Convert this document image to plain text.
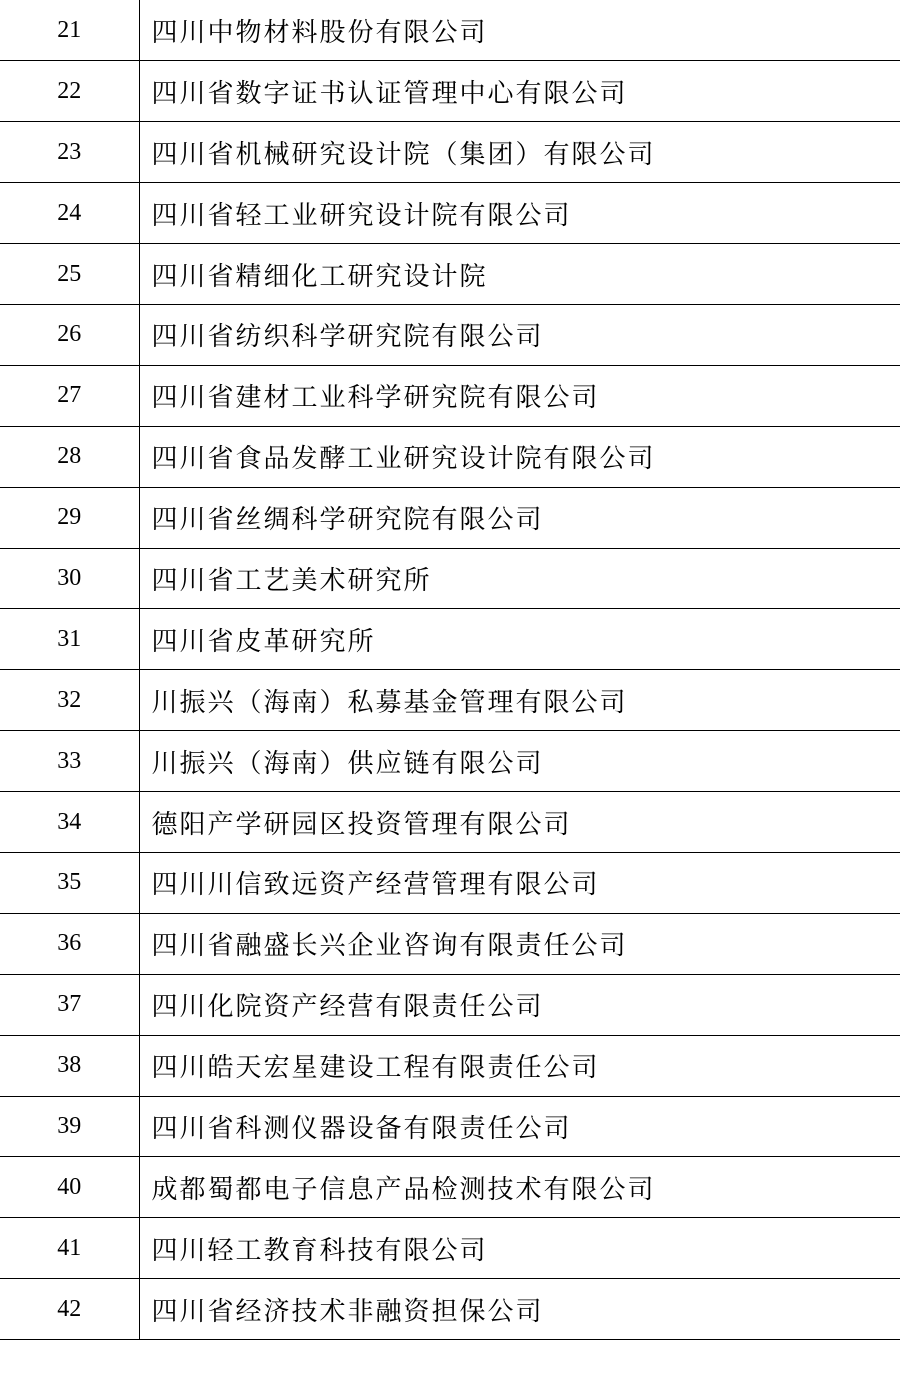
21	四川中物材料股份有限公司
22	四川省数字证书认证管理中心有限公司
23	四川省机械研究设计院（集团）有限公司
24	四川省轻工业研究设计院有限公司
25	四川省精细化工研究设计院
26	四川省纺织科学研究院有限公司
27	四川省建材工业科学研究院有限公司
28	四川省食品发酵工业研究设计院有限公司
29	四川省丝绸科学研究院有限公司
30	四川省工艺美术研究所
31	四川省皮革研究所
32	川振兴（海南）私募基金管理有限公司
33	川振兴（海南）供应链有限公司
34	德阳产学研园区投资管理有限公司
35	四川川信致远资产经营管理有限公司
36	四川省融盛长兴企业咨询有限责任公司
37	四川化院资产经营有限责任公司
38	四川皓天宏星建设工程有限责任公司
39	四川省科测仪器设备有限责任公司
40	成都蜀都电子信息产品检测技术有限公司
41	四川轻工教育科技有限公司
42	四川省经济技术非融资担保公司
